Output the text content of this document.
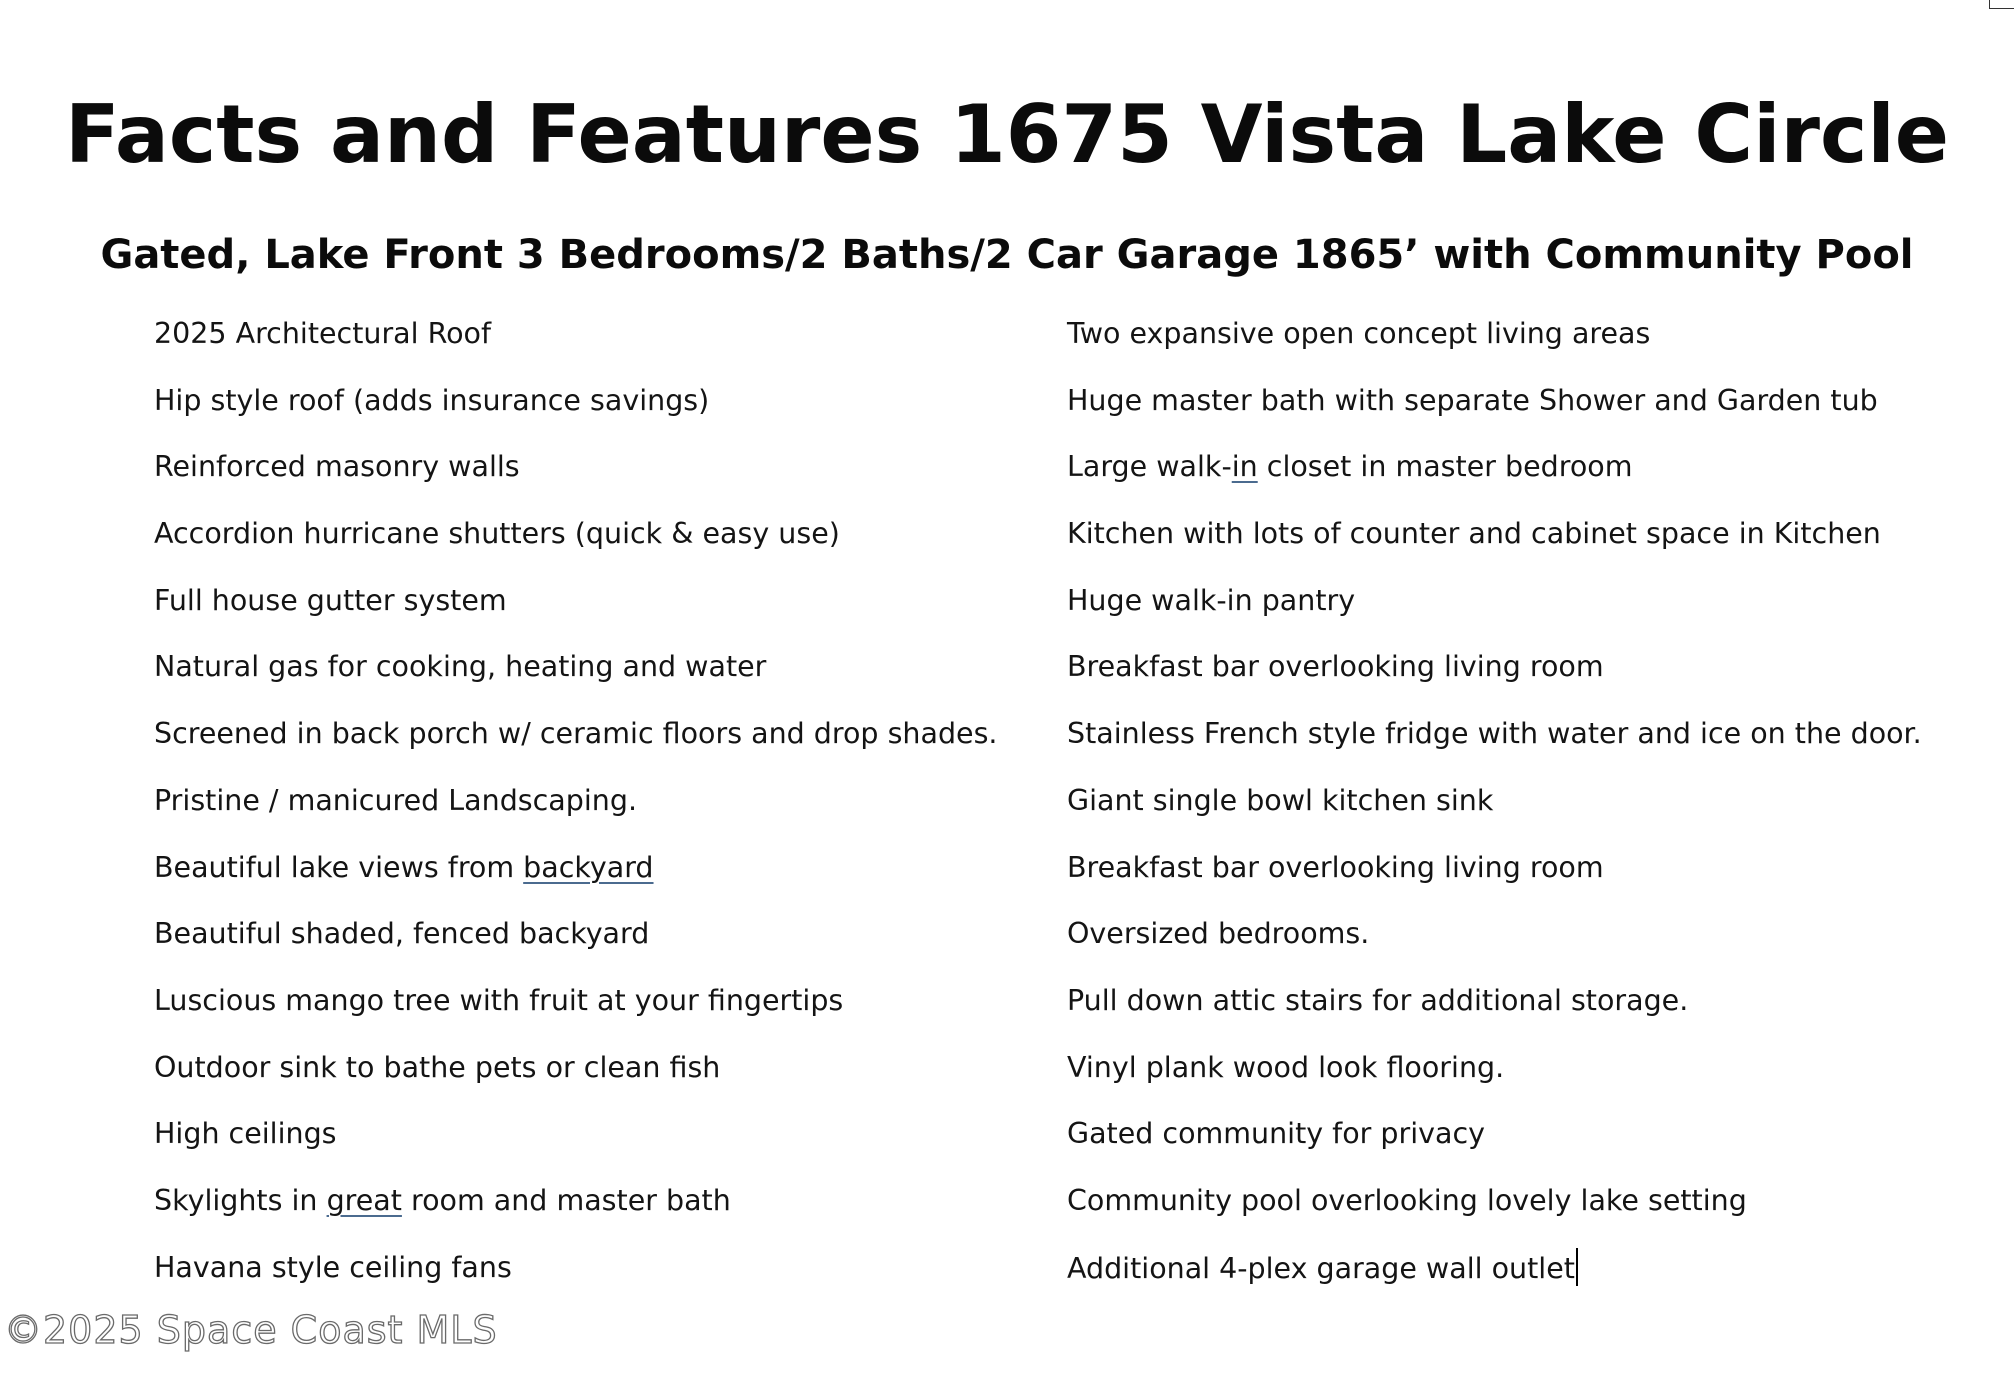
Facts and Features 1675 Vista Lake Circle
Gated, Lake Front 3 Bedrooms/2 Baths/2 Car Garage 1865’ with Community Pool
2025 Architectural Roof
Hip style roof (adds insurance savings)
Reinforced masonry walls
Accordion hurricane shutters (quick & easy use)
Full house gutter system
Natural gas for cooking, heating and water
Screened in back porch w/ ceramic floors and drop shades.
Pristine / manicured Landscaping.
Beautiful lake views from backyard
Beautiful shaded, fenced backyard
Luscious mango tree with fruit at your fingertips
Outdoor sink to bathe pets or clean fish
High ceilings
Skylights in great room and master bath
Havana style ceiling fans
Two expansive open concept living areas
Huge master bath with separate Shower and Garden tub
Large walk-in closet in master bedroom
Kitchen with lots of counter and cabinet space in Kitchen
Huge walk-in pantry
Breakfast bar overlooking living room
Stainless French style fridge with water and ice on the door.
Giant single bowl kitchen sink
Breakfast bar overlooking living room
Oversized bedrooms.
Pull down attic stairs for additional storage.
Vinyl plank wood look flooring.
Gated community for privacy
Community pool overlooking lovely lake setting
Additional 4-plex garage wall outlet
©2025 Space Coast MLS
